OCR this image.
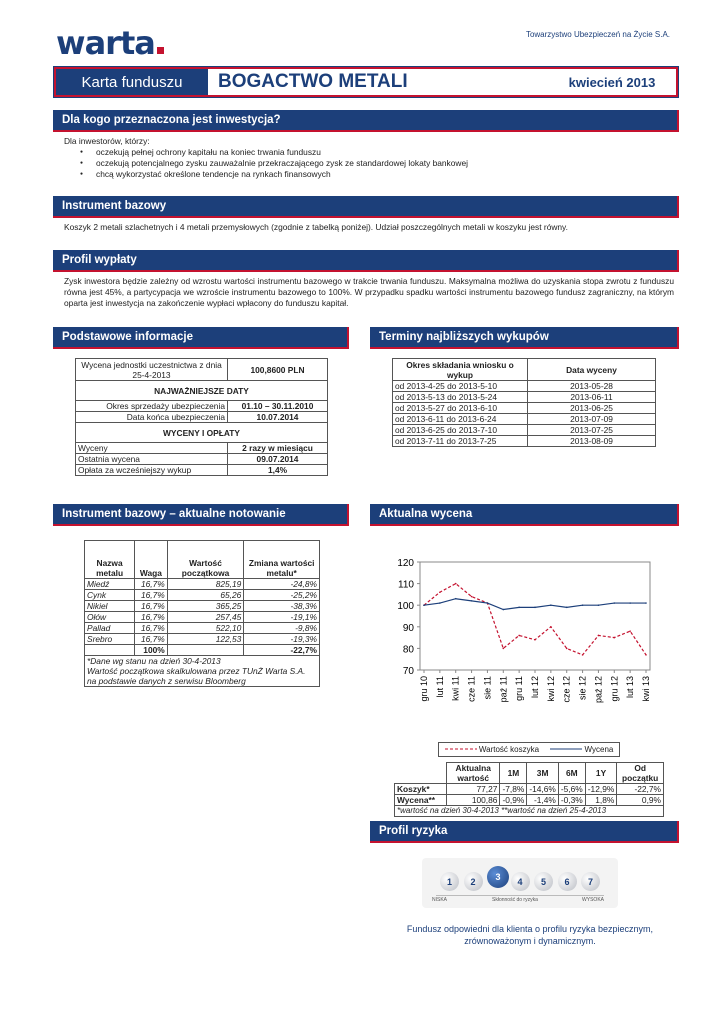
warta	Towarzystwo Ubezpieczeń na Życie S.A.
Karta funduszu	BOGACTWO METALI	kwiecień 2013
Dla kogo przeznaczona jest inwestycja?
Dla inwestorów, którzy:
● oczekują pełnej ochrony kapitału na koniec trwania funduszu
● oczekują potencjalnego zysku zauważalnie przekraczającego zysk ze standardowej lokaty bankowej
● chcą wykorzystać określone tendencje na rynkach finansowych
Instrument bazowy
Koszyk 2 metali szlachetnych i 4 metali przemysłowych (zgodnie z tabelką poniżej). Udział poszczególnych metali w koszyku jest równy.
Profil wypłaty
Zysk inwestora będzie zależny od wzrostu wartości instrumentu bazowego w trakcie trwania funduszu. Maksymalna możliwa do uzyskania stopa zwrotu z funduszu równa jest 45%, a partycypacja we wzroście instrumentu bazowego to 100%. W przypadku spadku wartości instrumentu bazowego fundusz zagraniczny, na którym oparta jest inwestycja na zakończenie wypłaci wpłacony do funduszu kapitał.
Podstawowe informacje	Terminy najbliższych wykupów
Wycena jednostki uczestnictwa z dnia 25-4-2013	100,8600 PLN
NAJWAŻNIEJSZE DATY	
Okres sprzedaży ubezpieczenia	01.10 – 30.11.2010
Data końca ubezpieczenia	10.07.2014
WYCENY I OPŁATY	
Wyceny	2 razy w miesiącu
Ostatnia wycena	09.07.2014
Opłata za wcześniejszy wykup	1,4%
Okres składania wniosku o wykup	Data wyceny
od 2013-4-25 do 2013-5-10	2013-05-28
od 2013-5-13 do 2013-5-24	2013-06-11
od 2013-5-27 do 2013-6-10	2013-06-25
od 2013-6-11 do 2013-6-24	2013-07-09
od 2013-6-25 do 2013-7-10	2013-07-25
od 2013-7-11 do 2013-7-25	2013-08-09
Instrument bazowy – aktualne notowanie	Aktualna wycena
Nazwa metalu	Waga	Wartość początkowa	Zmiana wartości metalu*
Miedź	16,7%	825,19	-24,8%
Cynk	16,7%	65,26	-25,2%
Nikiel	16,7%	365,25	-38,3%
Ołów	16,7%	257,45	-19,1%
Pallad	16,7%	522,10	-9,8%
Srebro	16,7%	122,53	-19,3%
	100%		-22,7%
*Dane wg stanu na dzień 30-4-2013			
Wartość początkowa skalkulowana przez TUnŻ Warta S.A. na podstawie danych z serwisu Bloomberg			
70
80
90
100
110
120
gru 10 lut 11 kwi 11 cze 11 sie 11 paź 11 gru 11 lut 12 kwi 12 cze 12 sie 12 paź 12 gru 12 lut 13 kwi 13
Wartość koszyka	Wycena
	Aktualna wartość	1M	3M	6M	1Y	Od początku
Koszyk*	77,27	-7,8%	-14,6%	-5,6%	-12,9%	-22,7%
Wycena**	100,86	-0,9%	-1,4%	-0,3%	1,8%	0,9%
*wartość na dzień 30-4-2013 **wartość na dzień 25-4-2013						
Profil ryzyka
1	2	3	4	5	6	7
NISKA	Skłonność do ryzyka	WYSOKA
Fundusz odpowiedni dla klienta o profilu ryzyka bezpiecznym, zrównoważonym i dynamicznym.
